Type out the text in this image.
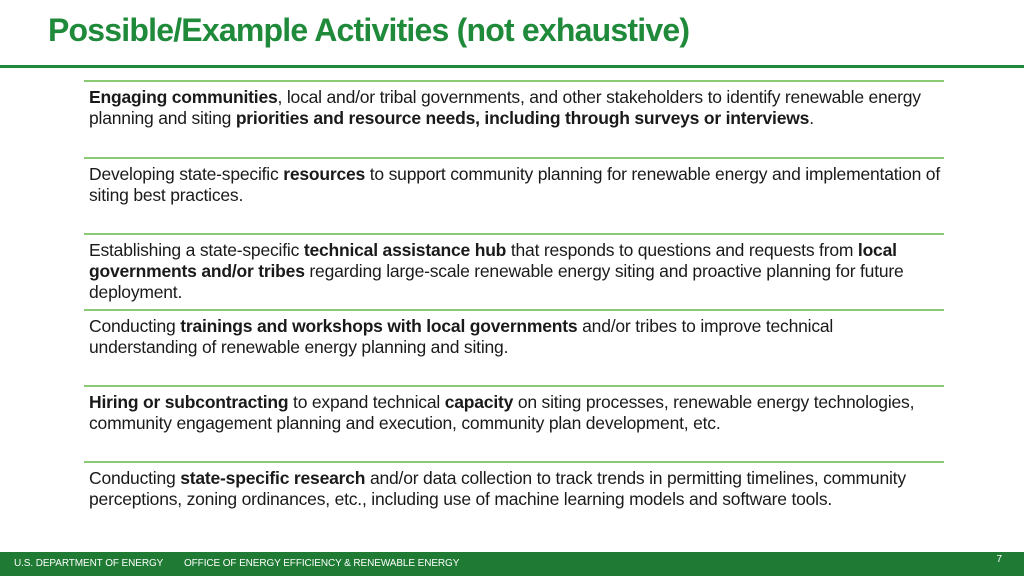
Possible/Example Activities (not exhaustive)
Engaging communities, local and/or tribal governments, and other stakeholders to identify renewable energy planning and siting priorities and resource needs, including through surveys or interviews.
Developing state-specific resources to support community planning for renewable energy and implementation of siting best practices.
Establishing a state-specific technical assistance hub that responds to questions and requests from local governments and/or tribes regarding large-scale renewable energy siting and proactive planning for future deployment.
Conducting trainings and workshops with local governments and/or tribes to improve technical understanding of renewable energy planning and siting.
Hiring or subcontracting to expand technical capacity on siting processes, renewable energy technologies, community engagement planning and execution, community plan development, etc.
Conducting state-specific research and/or data collection to track trends in permitting timelines, community perceptions, zoning ordinances, etc., including use of machine learning models and software tools.
U.S. DEPARTMENT OF ENERGY OFFICE OF ENERGY EFFICIENCY & RENEWABLE ENERGY	7
